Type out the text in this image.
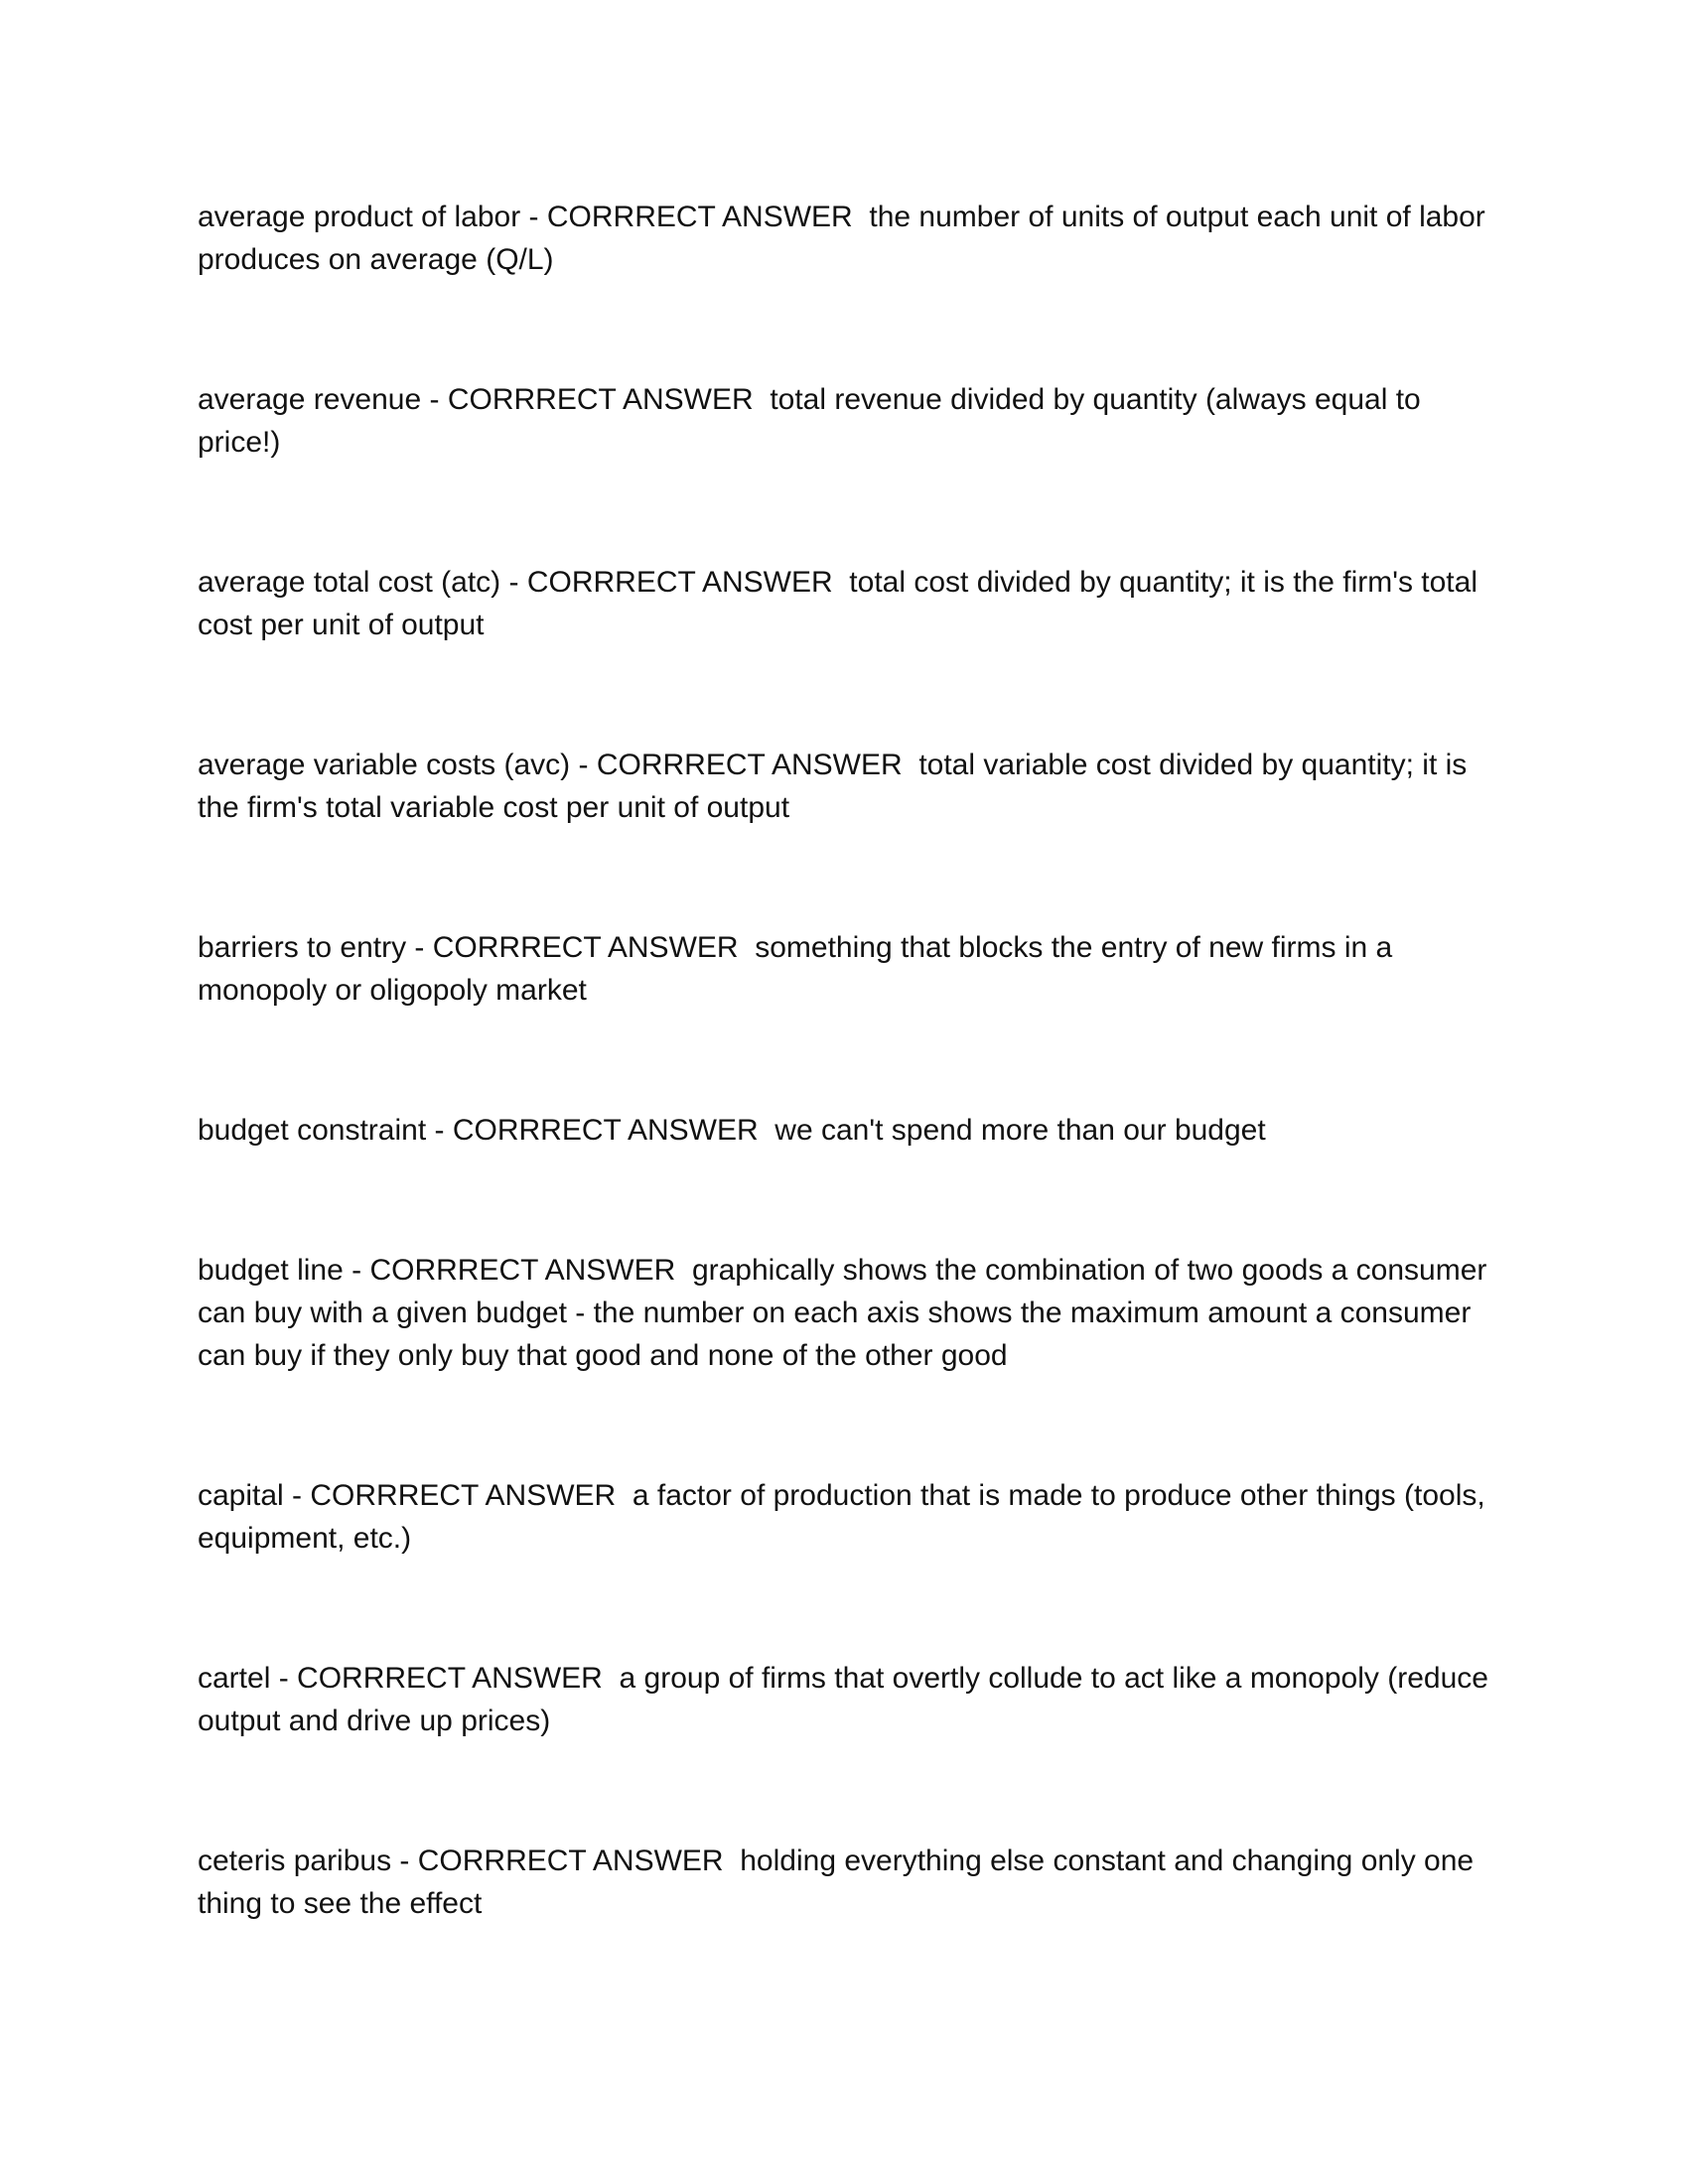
average product of labor - CORRRECT ANSWER  the number of units of output each unit of labor produces on average (Q/L)

average revenue - CORRRECT ANSWER  total revenue divided by quantity (always equal to price!)

average total cost (atc) - CORRRECT ANSWER  total cost divided by quantity; it is the firm's total cost per unit of output

average variable costs (avc) - CORRRECT ANSWER  total variable cost divided by quantity; it is the firm's total variable cost per unit of output

barriers to entry - CORRRECT ANSWER  something that blocks the entry of new firms in a monopoly or oligopoly market

budget constraint - CORRRECT ANSWER  we can't spend more than our budget

budget line - CORRRECT ANSWER  graphically shows the combination of two goods a consumer can buy with a given budget - the number on each axis shows the maximum amount a consumer can buy if they only buy that good and none of the other good

capital - CORRRECT ANSWER  a factor of production that is made to produce other things (tools, equipment, etc.)

cartel - CORRRECT ANSWER  a group of firms that overtly collude to act like a monopoly (reduce output and drive up prices)

ceteris paribus - CORRRECT ANSWER  holding everything else constant and changing only one thing to see the effect
